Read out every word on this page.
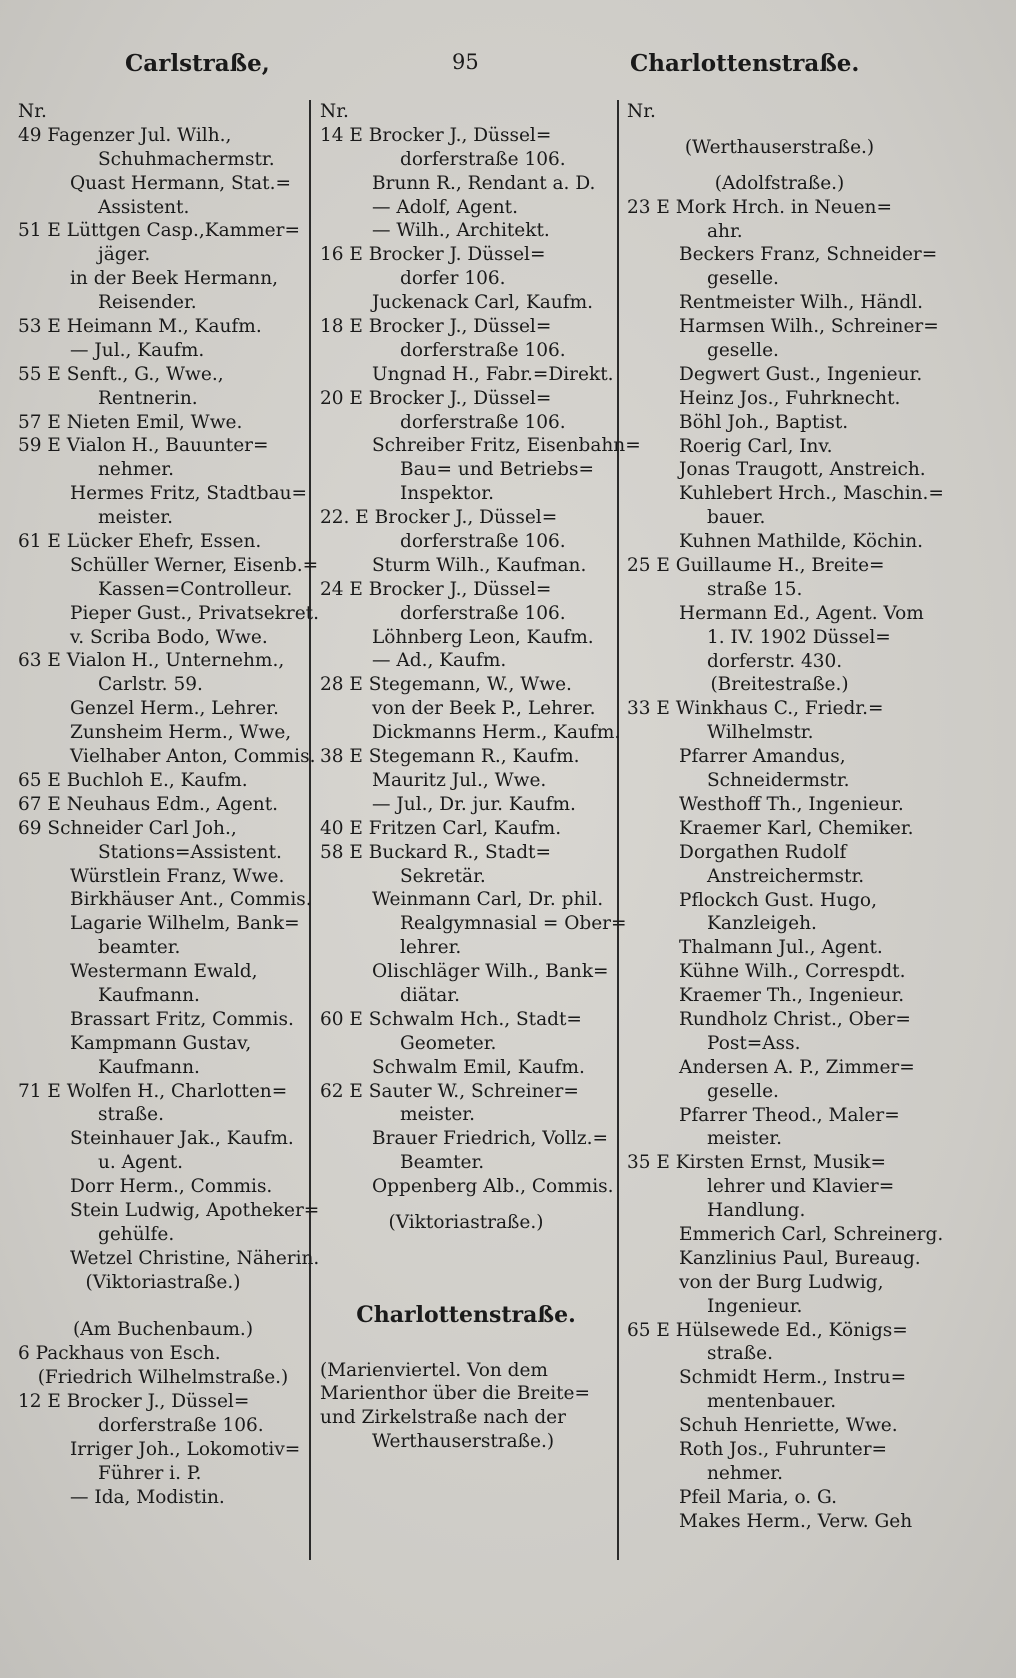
Carlstraße,	95	Charlottenstraße.
Nr.
49 Fagenzer Jul. Wilh.,
Schuhmachermstr.
Quast Hermann, Stat.=
Assistent.
51 E Lüttgen Casp.,Kammer=
jäger.
in der Beek Hermann,
Reisender.
53 E Heimann M., Kaufm.
— Jul., Kaufm.
55 E Senft., G., Wwe.,
Rentnerin.
57 E Nieten Emil, Wwe.
59 E Vialon H., Bauunter=
nehmer.
Hermes Fritz, Stadtbau=
meister.
61 E Lücker Ehefr, Essen.
Schüller Werner, Eisenb.=
Kassen=Controlleur.
Pieper Gust., Privatsekret.
v. Scriba Bodo, Wwe.
63 E Vialon H., Unternehm.,
Carlstr. 59.
Genzel Herm., Lehrer.
Zunsheim Herm., Wwe,
Vielhaber Anton, Commis.
65 E Buchloh E., Kaufm.
67 E Neuhaus Edm., Agent.
69 Schneider Carl Joh.,
Stations=Assistent.
Würstlein Franz, Wwe.
Birkhäuser Ant., Commis.
Lagarie Wilhelm, Bank=
beamter.
Westermann Ewald,
Kaufmann.
Brassart Fritz, Commis.
Kampmann Gustav,
Kaufmann.
71 E Wolfen H., Charlotten=
straße.
Steinhauer Jak., Kaufm.
u. Agent.
Dorr Herm., Commis.
Stein Ludwig, Apotheker=
gehülfe.
Wetzel Christine, Näherin.
(Viktoriastraße.)
(Am Buchenbaum.)
6 Packhaus von Esch.
(Friedrich Wilhelmstraße.)
12 E Brocker J., Düssel=
dorferstraße 106.
Irriger Joh., Lokomotiv=
Führer i. P.
— Ida, Modistin.
Nr.
14 E Brocker J., Düssel=
dorferstraße 106.
Brunn R., Rendant a. D.
— Adolf, Agent.
— Wilh., Architekt.
16 E Brocker J. Düssel=
dorfer 106.
Juckenack Carl, Kaufm.
18 E Brocker J., Düssel=
dorferstraße 106.
Ungnad H., Fabr.=Direkt.
20 E Brocker J., Düssel=
dorferstraße 106.
Schreiber Fritz, Eisenbahn=
Bau= und Betriebs=
Inspektor.
22. E Brocker J., Düssel=
dorferstraße 106.
Sturm Wilh., Kaufman.
24 E Brocker J., Düssel=
dorferstraße 106.
Löhnberg Leon, Kaufm.
— Ad., Kaufm.
28 E Stegemann, W., Wwe.
von der Beek P., Lehrer.
Dickmanns Herm., Kaufm.
38 E Stegemann R., Kaufm.
Mauritz Jul., Wwe.
— Jul., Dr. jur. Kaufm.
40 E Fritzen Carl, Kaufm.
58 E Buckard R., Stadt=
Sekretär.
Weinmann Carl, Dr. phil.
Realgymnasial = Ober=
lehrer.
Olischläger Wilh., Bank=
diätar.
60 E Schwalm Hch., Stadt=
Geometer.
Schwalm Emil, Kaufm.
62 E Sauter W., Schreiner=
meister.
Brauer Friedrich, Vollz.=
Beamter.
Oppenberg Alb., Commis.
(Viktoriastraße.)
Charlottenstraße.
(Marienviertel. Von dem
Marienthor über die Breite=
und Zirkelstraße nach der
Werthauserstraße.)
Nr.
(Werthauserstraße.)
(Adolfstraße.)
23 E Mork Hrch. in Neuen=
ahr.
Beckers Franz, Schneider=
geselle.
Rentmeister Wilh., Händl.
Harmsen Wilh., Schreiner=
geselle.
Degwert Gust., Ingenieur.
Heinz Jos., Fuhrknecht.
Böhl Joh., Baptist.
Roerig Carl, Inv.
Jonas Traugott, Anstreich.
Kuhlebert Hrch., Maschin.=
bauer.
Kuhnen Mathilde, Köchin.
25 E Guillaume H., Breite=
straße 15.
Hermann Ed., Agent. Vom
1. IV. 1902 Düssel=
dorferstr. 430.
(Breitestraße.)
33 E Winkhaus C., Friedr.=
Wilhelmstr.
Pfarrer Amandus,
Schneidermstr.
Westhoff Th., Ingenieur.
Kraemer Karl, Chemiker.
Dorgathen Rudolf
Anstreichermstr.
Pflockch Gust. Hugo,
Kanzleigeh.
Thalmann Jul., Agent.
Kühne Wilh., Correspdt.
Kraemer Th., Ingenieur.
Rundholz Christ., Ober=
Post=Ass.
Andersen A. P., Zimmer=
geselle.
Pfarrer Theod., Maler=
meister.
35 E Kirsten Ernst, Musik=
lehrer und Klavier=
Handlung.
Emmerich Carl, Schreinerg.
Kanzlinius Paul, Bureaug.
von der Burg Ludwig,
Ingenieur.
65 E Hülsewede Ed., Königs=
straße.
Schmidt Herm., Instru=
mentenbauer.
Schuh Henriette, Wwe.
Roth Jos., Fuhrunter=
nehmer.
Pfeil Maria, o. G.
Makes Herm., Verw. Geh
